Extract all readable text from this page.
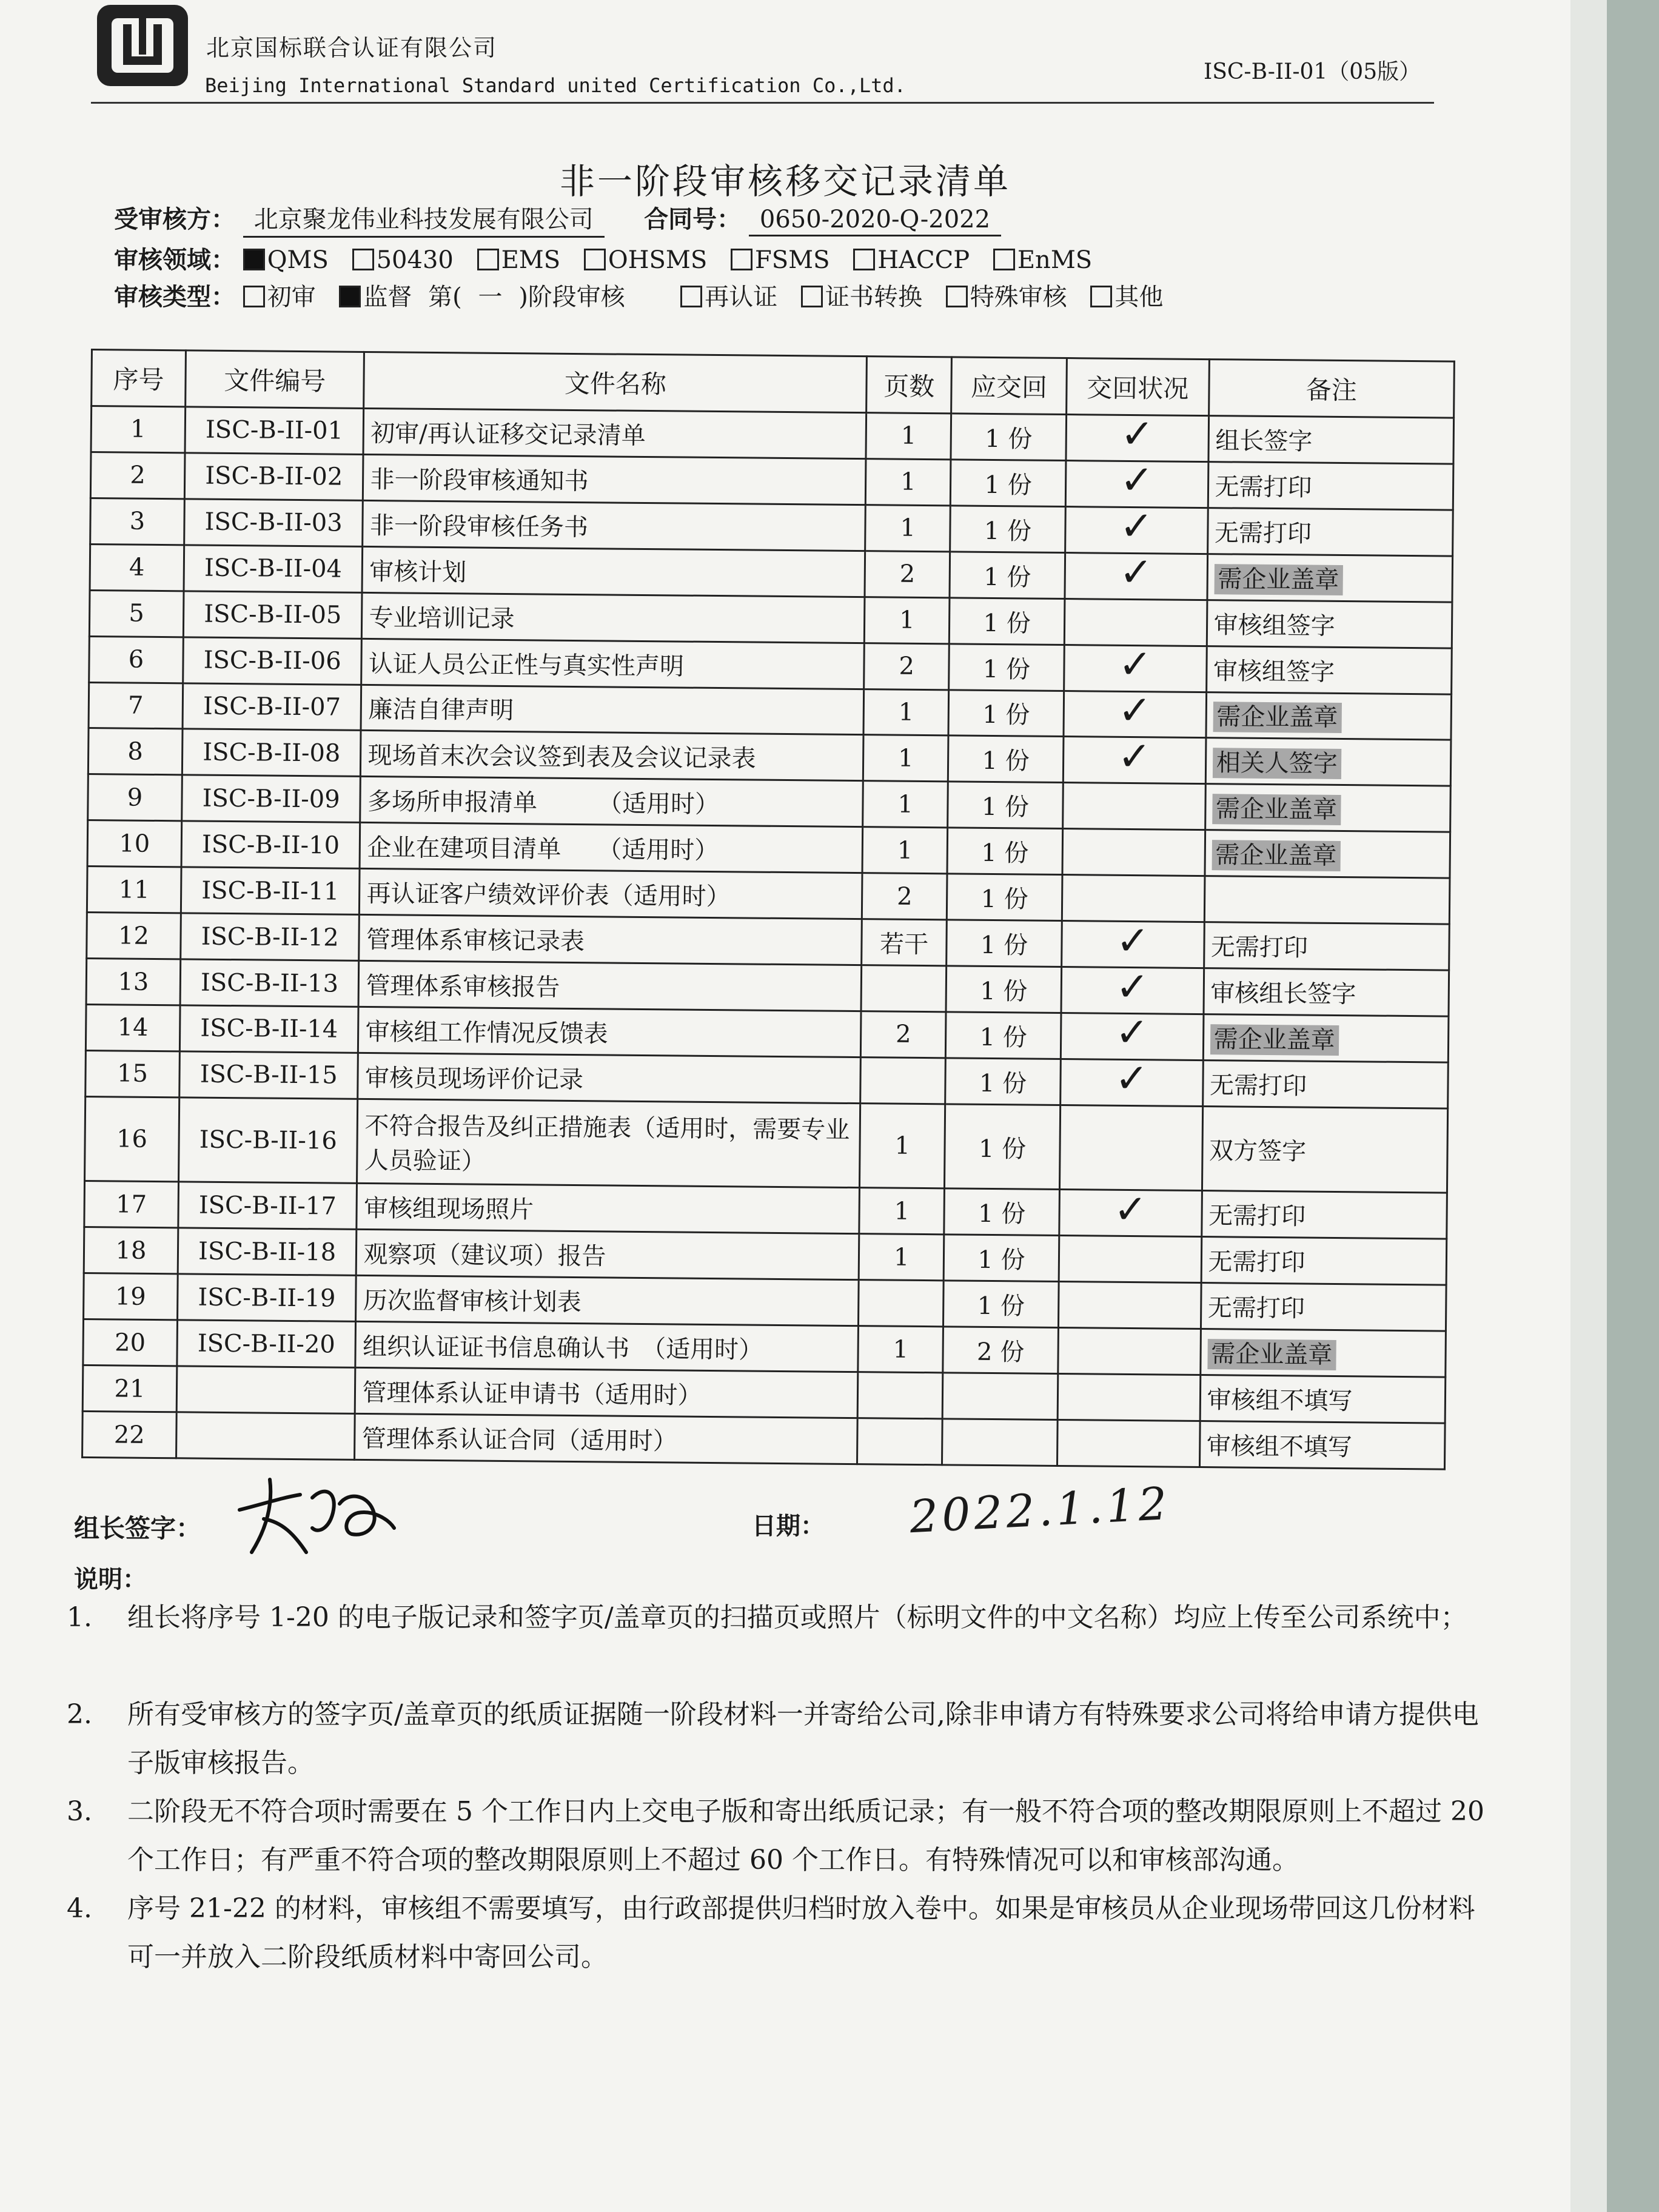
北京国标联合认证有限公司
Beijing International Standard united Certification Co.,Ltd.
ISC-B-II-01（05版）
非一阶段审核移交记录清单
受审核方： 北京聚龙伟业科技发展有限公司 合同号： 0650-2020-Q-2022
审核领域： QMS 50430 EMS OHSMS FSMS HACCP EnMS
审核类型： 初审 监督 第( 一 )阶段审核	再认证 证书转换 特殊审核 其他
序号	文件编号	文件名称	页数	应交回	交回状况	备注
1	ISC-B-II-01	初审/再认证移交记录清单	1	1 份	✓	组长签字
2	ISC-B-II-02	非一阶段审核通知书	1	1 份	✓	无需打印
3	ISC-B-II-03	非一阶段审核任务书	1	1 份	✓	无需打印
4	ISC-B-II-04	审核计划	2	1 份	✓	需企业盖章
5	ISC-B-II-05	专业培训记录	1	1 份		审核组签字
6	ISC-B-II-06	认证人员公正性与真实性声明	2	1 份	✓	审核组签字
7	ISC-B-II-07	廉洁自律声明	1	1 份	✓	需企业盖章
8	ISC-B-II-08	现场首末次会议签到表及会议记录表	1	1 份	✓	相关人签字
9	ISC-B-II-09	多场所申报清单　　　（适用时）	1	1 份		需企业盖章
10	ISC-B-II-10	企业在建项目清单　　（适用时）	1	1 份		需企业盖章
11	ISC-B-II-11	再认证客户绩效评价表（适用时）	2	1 份		
12	ISC-B-II-12	管理体系审核记录表	若干	1 份	✓	无需打印
13	ISC-B-II-13	管理体系审核报告		1 份	✓	审核组长签字
14	ISC-B-II-14	审核组工作情况反馈表	2	1 份	✓	需企业盖章
15	ISC-B-II-15	审核员现场评价记录		1 份	✓	无需打印
16	ISC-B-II-16	不符合报告及纠正措施表（适用时，需要专业人员验证）	1	1 份		双方签字
17	ISC-B-II-17	审核组现场照片	1	1 份	✓	无需打印
18	ISC-B-II-18	观察项（建议项）报告	1	1 份		无需打印
19	ISC-B-II-19	历次监督审核计划表		1 份		无需打印
20	ISC-B-II-20	组织认证证书信息确认书　（适用时）	1	2 份		需企业盖章
21		管理体系认证申请书（适用时）				审核组不填写
22		管理体系认证合同（适用时）				审核组不填写
组长签字：	日期： 2022.1.12
说明：
1.	组长将序号 1-20 的电子版记录和签字页/盖章页的扫描页或照片（标明文件的中文名称）均应上传至公司系统中；
2.	所有受审核方的签字页/盖章页的纸质证据随一阶段材料一并寄给公司,除非申请方有特殊要求公司将给申请方提供电子版审核报告。
3.	二阶段无不符合项时需要在 5 个工作日内上交电子版和寄出纸质记录；有一般不符合项的整改期限原则上不超过 20 个工作日；有严重不符合项的整改期限原则上不超过 60 个工作日。有特殊情况可以和审核部沟通。
4.	序号 21-22 的材料，审核组不需要填写，由行政部提供归档时放入卷中。如果是审核员从企业现场带回这几份材料可一并放入二阶段纸质材料中寄回公司。
